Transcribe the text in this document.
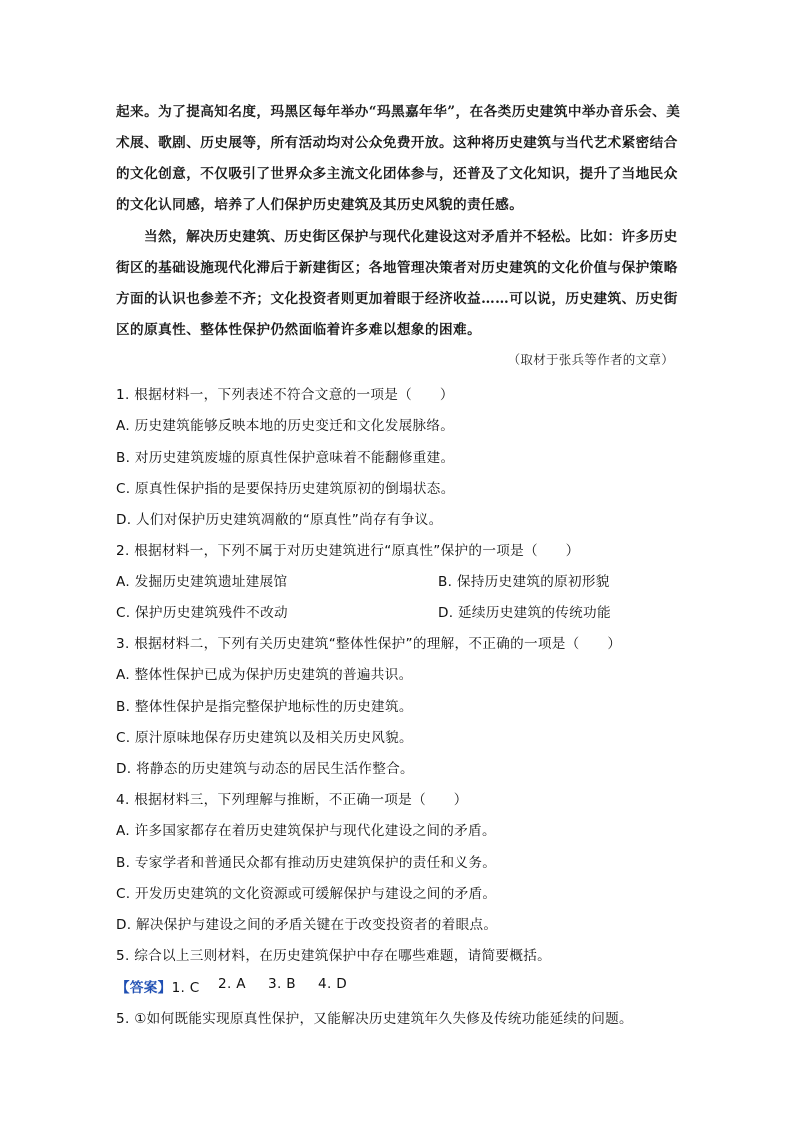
起来。为了提高知名度，玛黑区每年举办“玛黑嘉年华”，在各类历史建筑中举办音乐会、美
术展、歌剧、历史展等，所有活动均对公众免费开放。这种将历史建筑与当代艺术紧密结合
的文化创意，不仅吸引了世界众多主流文化团体参与，还普及了文化知识，提升了当地民众
的文化认同感，培养了人们保护历史建筑及其历史风貌的责任感。
当然，解决历史建筑、历史街区保护与现代化建设这对矛盾并不轻松。比如：许多历史
街区的基础设施现代化滞后于新建街区；各地管理决策者对历史建筑的文化价值与保护策略
方面的认识也参差不齐；文化投资者则更加着眼于经济收益……可以说，历史建筑、历史街
区的原真性、整体性保护仍然面临着许多难以想象的困难。
（取材于张兵等作者的文章）
1. 根据材料一，下列表述不符合文意的一项是（　　）
A. 历史建筑能够反映本地的历史变迁和文化发展脉络。
B. 对历史建筑废墟的原真性保护意味着不能翻修重建。
C. 原真性保护指的是要保持历史建筑原初的倒塌状态。
D. 人们对保护历史建筑凋敝的“原真性”尚存有争议。
2. 根据材料一，下列不属于对历史建筑进行“原真性”保护的一项是（　　）
A. 发掘历史建筑遗址建展馆	B. 保持历史建筑的原初形貌
C. 保护历史建筑残件不改动	D. 延续历史建筑的传统功能
3. 根据材料二，下列有关历史建筑“整体性保护”的理解，不正确的一项是（　　）
A. 整体性保护已成为保护历史建筑的普遍共识。
B. 整体性保护是指完整保护地标性的历史建筑。
C. 原汁原味地保存历史建筑以及相关历史风貌。
D. 将静态的历史建筑与动态的居民生活作整合。
4. 根据材料三，下列理解与推断，不正确一项是（　　）
A. 许多国家都存在着历史建筑保护与现代化建设之间的矛盾。
B. 专家学者和普通民众都有推动历史建筑保护的责任和义务。
C. 开发历史建筑的文化资源或可缓解保护与建设之间的矛盾。
D. 解决保护与建设之间的矛盾关键在于改变投资者的着眼点。
5. 综合以上三则材料，在历史建筑保护中存在哪些难题，请简要概括。
【答案】1. C 2. A 3. B 4. D
5. ①如何既能实现原真性保护，又能解决历史建筑年久失修及传统功能延续的问题。
